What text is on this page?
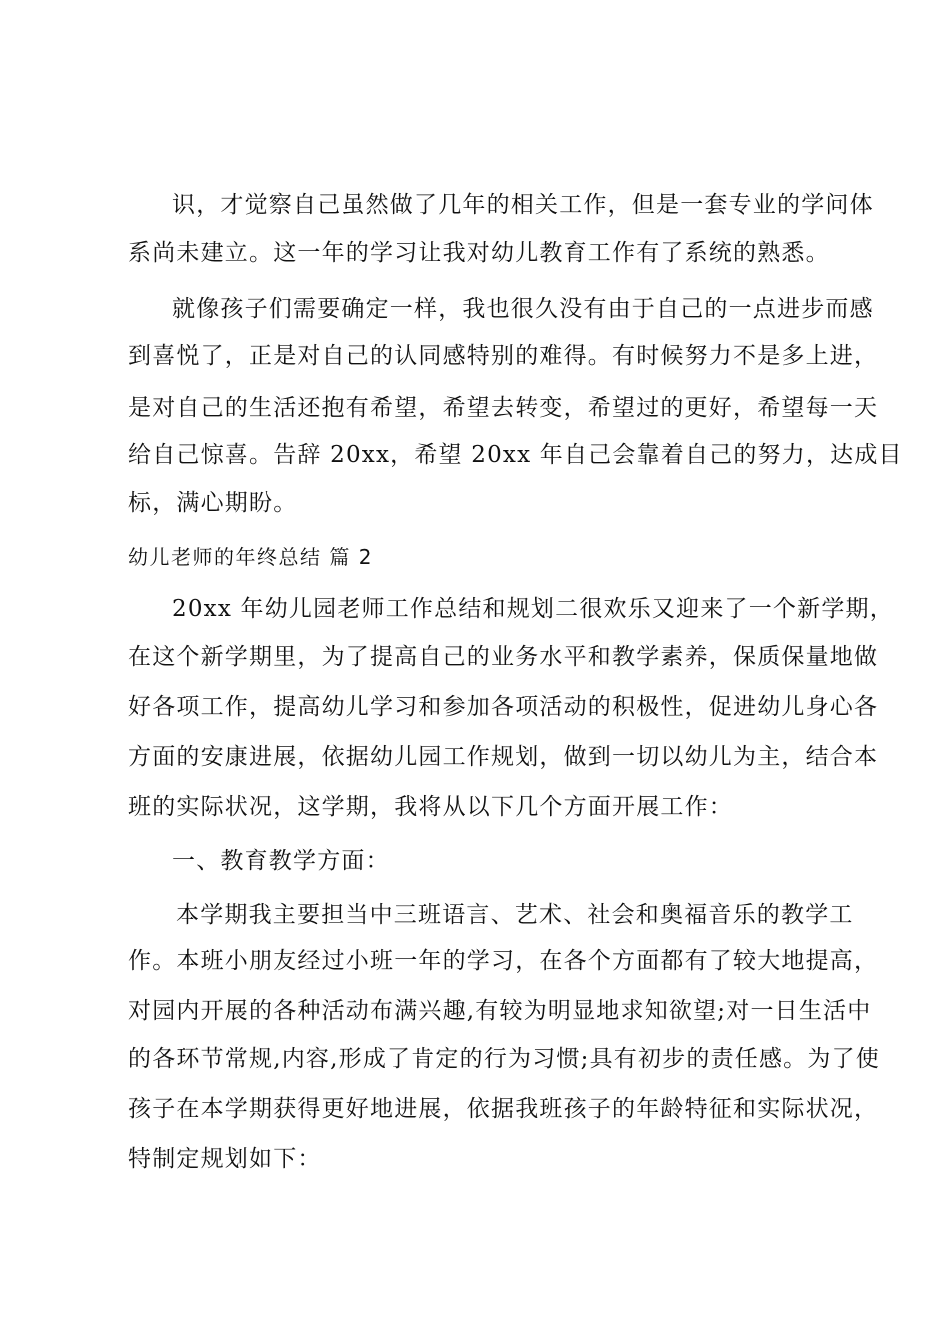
识，才觉察自己虽然做了几年的相关工作，但是一套专业的学问体
系尚未建立。这一年的学习让我对幼儿教育工作有了系统的熟悉。
就像孩子们需要确定一样，我也很久没有由于自己的一点进步而感
到喜悦了，正是对自己的认同感特别的难得。有时候努力不是多上进，
是对自己的生活还抱有希望，希望去转变，希望过的更好，希望每一天
给自己惊喜。告辞 20xx，希望 20xx 年自己会靠着自己的努力，达成目
标，满心期盼。
幼儿老师的年终总结 篇 2
20xx 年幼儿园老师工作总结和规划二很欢乐又迎来了一个新学期，
在这个新学期里，为了提高自己的业务水平和教学素养，保质保量地做
好各项工作，提高幼儿学习和参加各项活动的积极性，促进幼儿身心各
方面的安康进展，依据幼儿园工作规划，做到一切以幼儿为主，结合本
班的实际状况，这学期，我将从以下几个方面开展工作：
一、教育教学方面：
本学期我主要担当中三班语言、艺术、社会和奥福音乐的教学工
作。本班小朋友经过小班一年的学习，在各个方面都有了较大地提高，
对园内开展的各种活动布满兴趣,有较为明显地求知欲望;对一日生活中
的各环节常规,内容,形成了肯定的行为习惯;具有初步的责任感。为了使
孩子在本学期获得更好地进展，依据我班孩子的年龄特征和实际状况，
特制定规划如下：
